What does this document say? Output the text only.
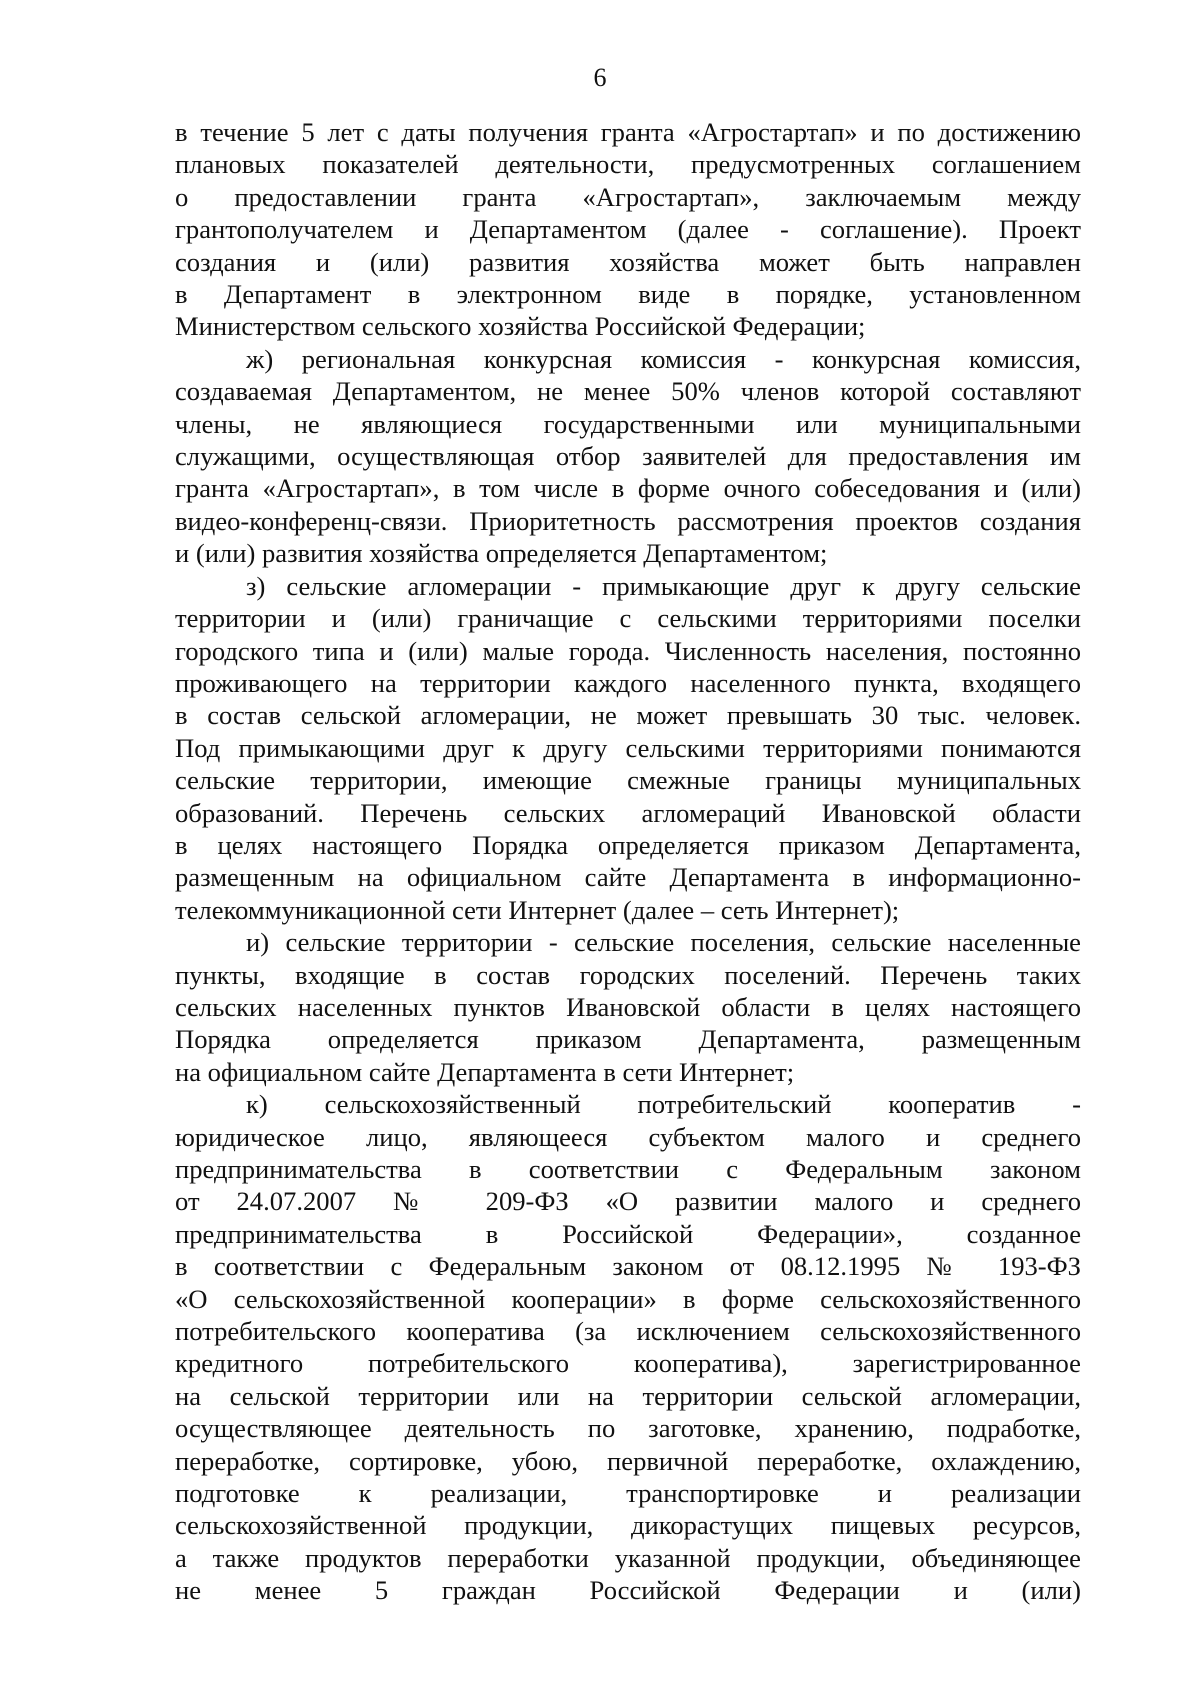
6
в течение 5 лет с даты получения гранта «Агростартап» и по достижению
плановых показателей деятельности, предусмотренных соглашением
о предоставлении гранта «Агростартап», заключаемым между
грантополучателем и Департаментом (далее - соглашение). Проект
создания и (или) развития хозяйства может быть направлен
в Департамент в электронном виде в порядке, установленном
Министерством сельского хозяйства Российской Федерации;
ж) региональная конкурсная комиссия - конкурсная комиссия,
создаваемая Департаментом, не менее 50% членов которой составляют
члены, не являющиеся государственными или муниципальными
служащими, осуществляющая отбор заявителей для предоставления им
гранта «Агростартап», в том числе в форме очного собеседования и (или)
видео-конференц-связи. Приоритетность рассмотрения проектов создания
и (или) развития хозяйства определяется Департаментом;
з) сельские агломерации - примыкающие друг к другу сельские
территории и (или) граничащие с сельскими территориями поселки
городского типа и (или) малые города. Численность населения, постоянно
проживающего на территории каждого населенного пункта, входящего
в состав сельской агломерации, не может превышать 30 тыс. человек.
Под примыкающими друг к другу сельскими территориями понимаются
сельские территории, имеющие смежные границы муниципальных
образований. Перечень сельских агломераций Ивановской области
в целях настоящего Порядка определяется приказом Департамента,
размещенным на официальном сайте Департамента в информационно-
телекоммуникационной сети Интернет (далее – сеть Интернет);
и) сельские территории - сельские поселения, сельские населенные
пункты, входящие в состав городских поселений. Перечень таких
сельских населенных пунктов Ивановской области в целях настоящего
Порядка определяется приказом Департамента, размещенным
на официальном сайте Департамента в сети Интернет;
к) сельскохозяйственный потребительский кооператив -
юридическое лицо, являющееся субъектом малого и среднего
предпринимательства в соответствии с Федеральным законом
от 24.07.2007 № 209-ФЗ «О развитии малого и среднего
предпринимательства в Российской Федерации», созданное
в соответствии с Федеральным законом от 08.12.1995 № 193-ФЗ
«О сельскохозяйственной кооперации» в форме сельскохозяйственного
потребительского кооператива (за исключением сельскохозяйственного
кредитного потребительского кооператива), зарегистрированное
на сельской территории или на территории сельской агломерации,
осуществляющее деятельность по заготовке, хранению, подработке,
переработке, сортировке, убою, первичной переработке, охлаждению,
подготовке к реализации, транспортировке и реализации
сельскохозяйственной продукции, дикорастущих пищевых ресурсов,
а также продуктов переработки указанной продукции, объединяющее
не менее 5 граждан Российской Федерации и (или)
